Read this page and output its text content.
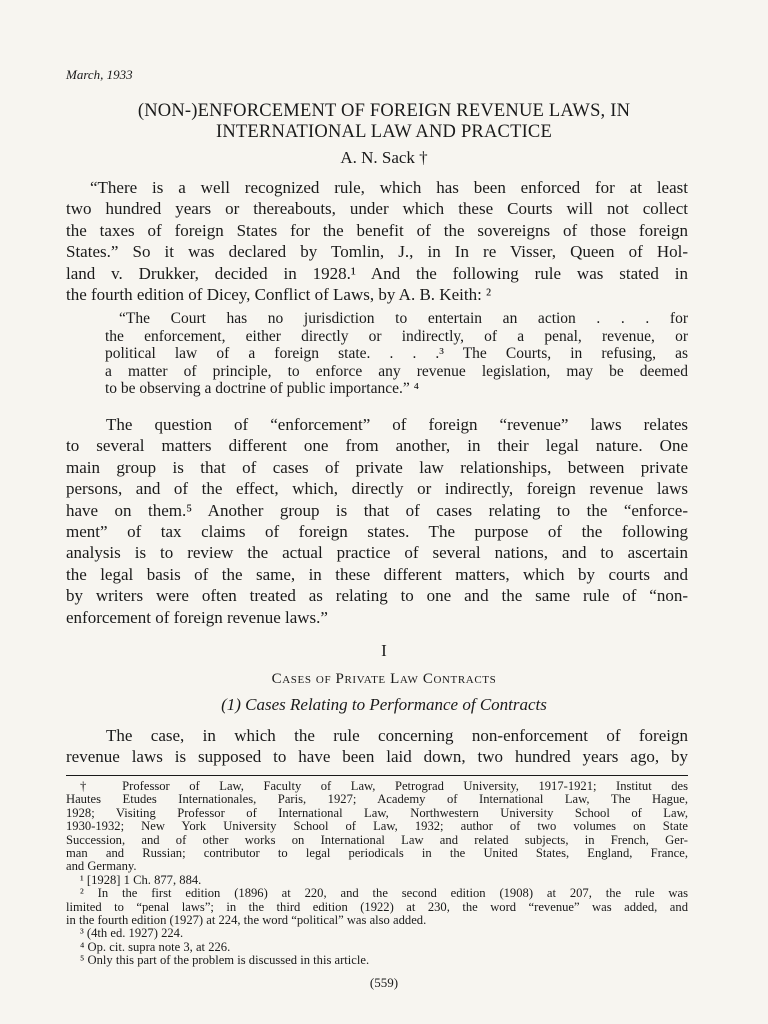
March, 1933
(NON-)ENFORCEMENT OF FOREIGN REVENUE LAWS, IN
INTERNATIONAL LAW AND PRACTICE
A. N. Sack †
“There is a well recognized rule, which has been enforced for at least
two hundred years or thereabouts, under which these Courts will not collect
the taxes of foreign States for the benefit of the sovereigns of those foreign
States.” So it was declared by Tomlin, J., in In re Visser, Queen of Hol-
land v. Drukker, decided in 1928.¹ And the following rule was stated in
the fourth edition of Dicey, Conflict of Laws, by A. B. Keith: ²
“The Court has no jurisdiction to entertain an action . . . for
the enforcement, either directly or indirectly, of a penal, revenue, or
political law of a foreign state. . . .³ The Courts, in refusing, as
a matter of principle, to enforce any revenue legislation, may be deemed
to be observing a doctrine of public importance.” ⁴
The question of “enforcement” of foreign “revenue” laws relates
to several matters different one from another, in their legal nature. One
main group is that of cases of private law relationships, between private
persons, and of the effect, which, directly or indirectly, foreign revenue laws
have on them.⁵ Another group is that of cases relating to the “enforce-
ment” of tax claims of foreign states. The purpose of the following
analysis is to review the actual practice of several nations, and to ascertain
the legal basis of the same, in these different matters, which by courts and
by writers were often treated as relating to one and the same rule of “non-
enforcement of foreign revenue laws.”
I
Cases of Private Law Contracts
(1) Cases Relating to Performance of Contracts
The case, in which the rule concerning non-enforcement of foreign
revenue laws is supposed to have been laid down, two hundred years ago, by
† Professor of Law, Faculty of Law, Petrograd University, 1917-1921; Institut des
Hautes Etudes Internationales, Paris, 1927; Academy of International Law, The Hague,
1928; Visiting Professor of International Law, Northwestern University School of Law,
1930-1932; New York University School of Law, 1932; author of two volumes on State
Succession, and of other works on International Law and related subjects, in French, Ger-
man and Russian; contributor to legal periodicals in the United States, England, France,
and Germany.
¹ [1928] 1 Ch. 877, 884.
² In the first edition (1896) at 220, and the second edition (1908) at 207, the rule was
limited to “penal laws”; in the third edition (1922) at 230, the word “revenue” was added, and
in the fourth edition (1927) at 224, the word “political” was also added.
³ (4th ed. 1927) 224.
⁴ Op. cit. supra note 3, at 226.
⁵ Only this part of the problem is discussed in this article.
(559)
